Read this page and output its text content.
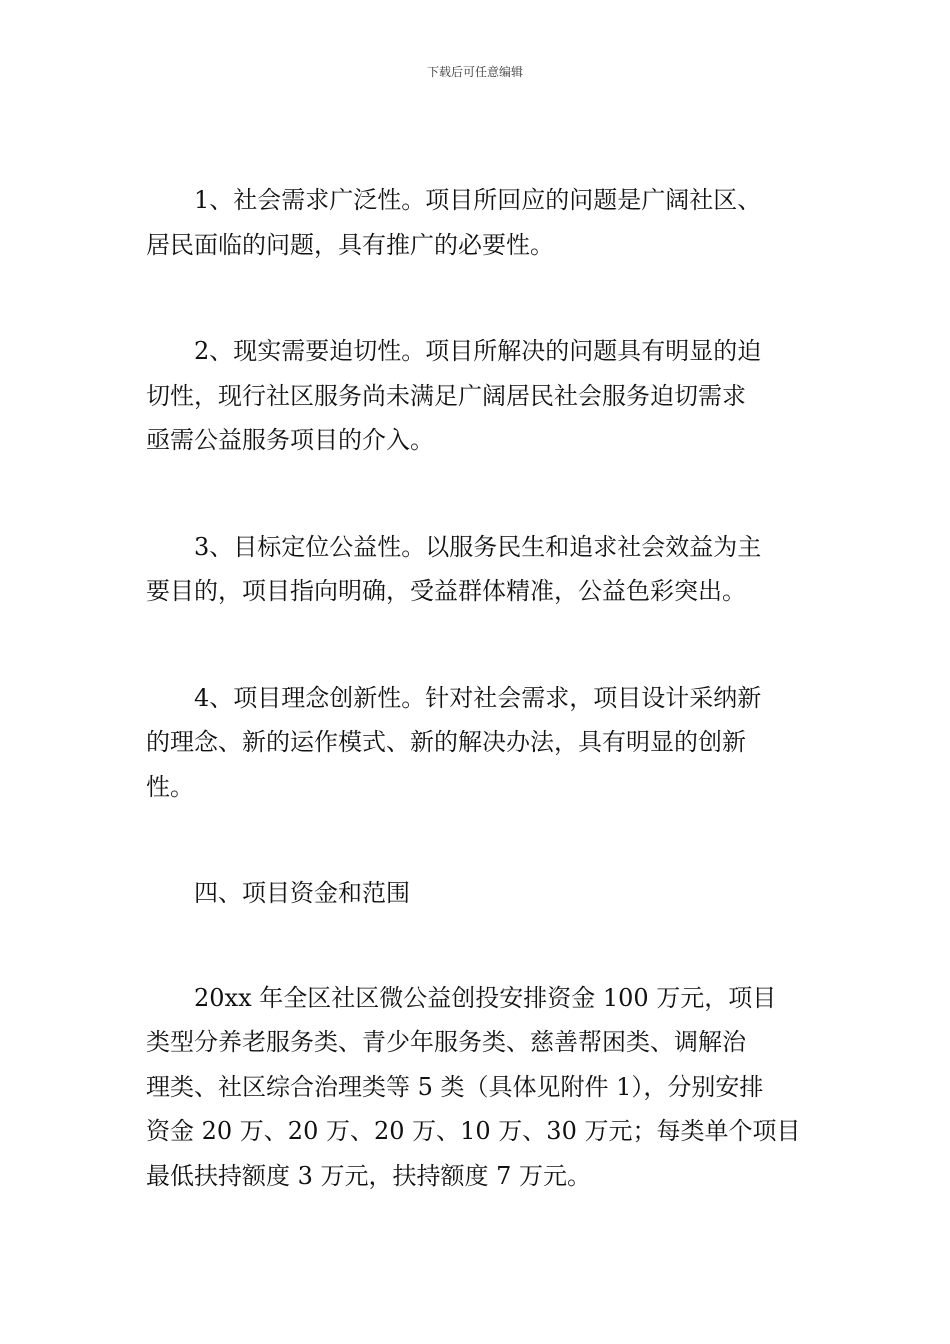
下载后可任意编辑
1、社会需求广泛性。项目所回应的问题是广阔社区、
居民面临的问题，具有推广的必要性。
2、现实需要迫切性。项目所解决的问题具有明显的迫
切性，现行社区服务尚未满足广阔居民社会服务迫切需求
亟需公益服务项目的介入。
3、目标定位公益性。以服务民生和追求社会效益为主
要目的，项目指向明确，受益群体精准，公益色彩突出。
4、项目理念创新性。针对社会需求，项目设计采纳新
的理念、新的运作模式、新的解决办法，具有明显的创新
性。
四、项目资金和范围
20xx 年全区社区微公益创投安排资金 100 万元，项目
类型分养老服务类、青少年服务类、慈善帮困类、调解治
理类、社区综合治理类等 5 类（具体见附件 1），分别安排
资金 20 万、20 万、20 万、10 万、30 万元；每类单个项目
最低扶持额度 3 万元，扶持额度 7 万元。
